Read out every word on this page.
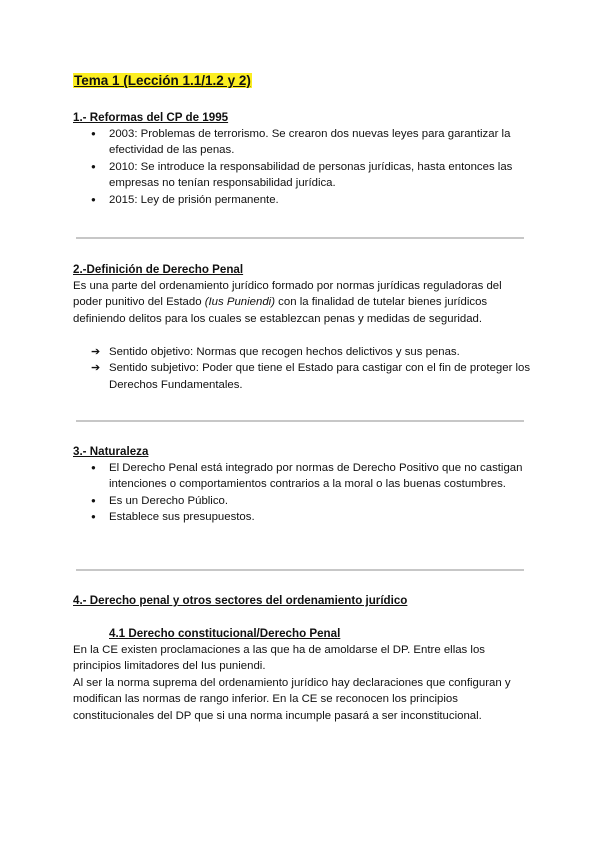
Tema 1 (Lección 1.1/1.2 y 2)
1.- Reformas del CP de 1995
● 2003: Problemas de terrorismo. Se crearon dos nuevas leyes para garantizar la efectividad de las penas.
● 2010: Se introduce la responsabilidad de personas jurídicas, hasta entonces las empresas no tenían responsabilidad jurídica.
● 2015: Ley de prisión permanente.
2.-Definición de Derecho Penal
Es una parte del ordenamiento jurídico formado por normas jurídicas reguladoras del poder punitivo del Estado (Ius Puniendi) con la finalidad de tutelar bienes jurídicos definiendo delitos para los cuales se establezcan penas y medidas de seguridad.
➔ Sentido objetivo: Normas que recogen hechos delictivos y sus penas.
➔ Sentido subjetivo: Poder que tiene el Estado para castigar con el fin de proteger los Derechos Fundamentales.
3.- Naturaleza
● El Derecho Penal está integrado por normas de Derecho Positivo que no castigan intenciones o comportamientos contrarios a la moral o las buenas costumbres.
● Es un Derecho Público.
● Establece sus presupuestos.
4.- Derecho penal y otros sectores del ordenamiento jurídico
4.1 Derecho constitucional/Derecho Penal
En la CE existen proclamaciones a las que ha de amoldarse el DP. Entre ellas los principios limitadores del Ius puniendi.
Al ser la norma suprema del ordenamiento jurídico hay declaraciones que configuran y modifican las normas de rango inferior. En la CE se reconocen los principios constitucionales del DP que si una norma incumple pasará a ser inconstitucional.
